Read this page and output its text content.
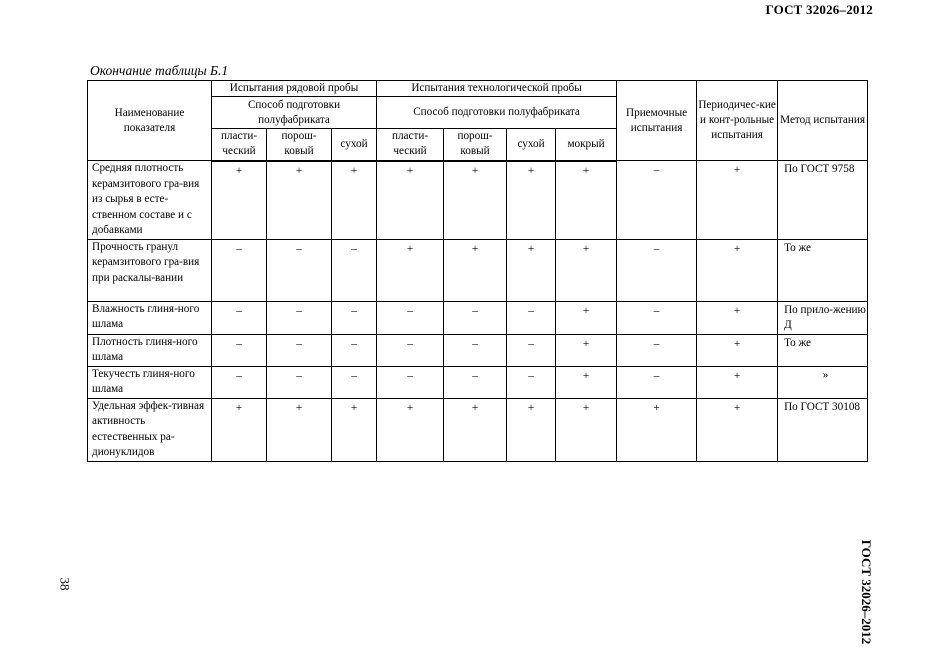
ГОСТ 32026–2012
Окончание таблицы Б.1
Наименование показателя	Испытания рядовой пробы			Испытания технологической пробы				Приемочные испытания	Периодичес-кие и конт-рольные испытания	Метод испытания
	Способ подготовки полуфабриката			Способ подготовки полуфабриката						
	пласти-ческий	порош-ковый	сухой	пласти-ческий	порош-ковый	сухой	мокрый			
Средняя плотность керамзитового гра-вия из сырья в есте-ственном составе и с добавками	+	+	+	+	+	+	+	–	+	По ГОСТ 9758
Прочность гранул керамзитового гра-вия при раскалы-вании	–	–	–	+	+	+	+	–	+	То же
Влажность глиня-ного шлама	–	–	–	–	–	–	+	–	+	По прило-жению Д
Плотность глиня-ного шлама	–	–	–	–	–	–	+	–	+	То же
Текучесть глиня-ного шлама	–	–	–	–	–	–	+	–	+	»
Удельная эффек-тивная активность естественных ра-дионуклидов	+	+	+	+	+	+	+	+	+	По ГОСТ 30108
38	ГОСТ 32026–2012
